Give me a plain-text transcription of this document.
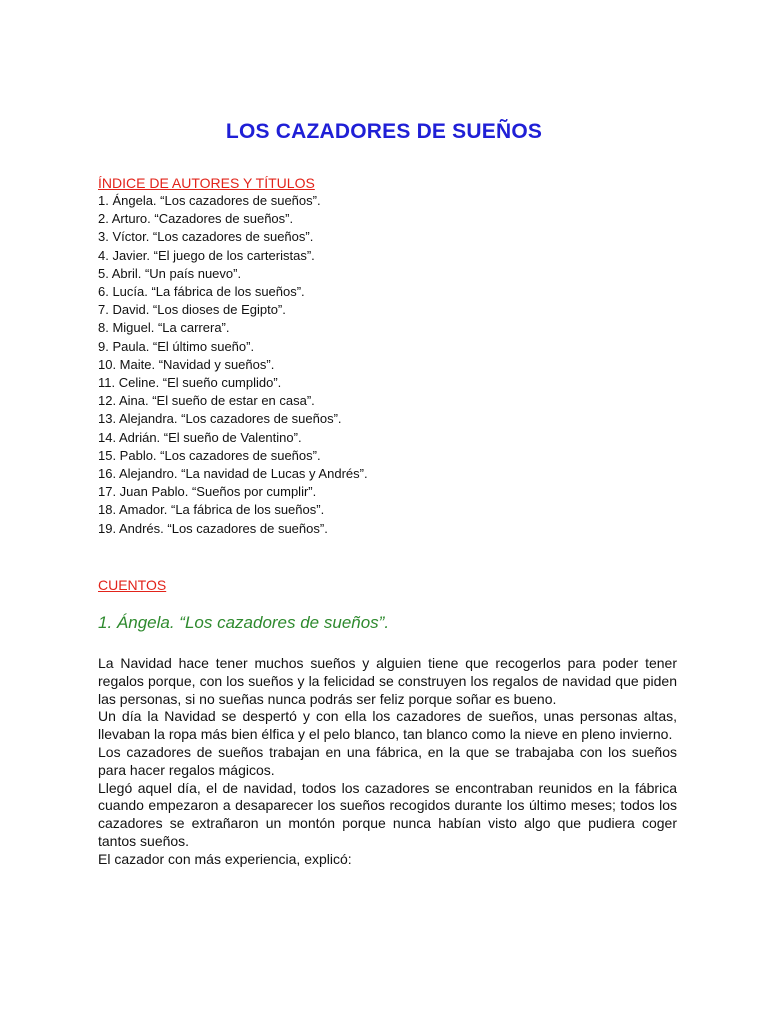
LOS CAZADORES DE SUEÑOS
ÍNDICE DE AUTORES Y TÍTULOS
1. Ángela. “Los cazadores de sueños”.
2. Arturo. “Cazadores de sueños”.
3. Víctor. “Los cazadores de sueños”.
4. Javier. “El juego de los carteristas”.
5. Abril. “Un país nuevo”.
6. Lucía. “La fábrica de los sueños”.
7. David. “Los dioses de Egipto”.
8. Miguel. “La carrera”.
9. Paula. “El último sueño”.
10. Maite. “Navidad y sueños”.
11. Celine. “El sueño cumplido”.
12. Aina. “El sueño de estar en casa”.
13. Alejandra. “Los cazadores de sueños”.
14. Adrián. “El sueño de Valentino”.
15. Pablo. “Los cazadores de sueños”.
16. Alejandro. “La navidad de Lucas y Andrés”.
17. Juan Pablo. “Sueños por cumplir”.
18. Amador. “La fábrica de los sueños”.
19. Andrés. “Los cazadores de sueños”.
CUENTOS
1. Ángela. “Los cazadores de sueños”.

La Navidad hace tener muchos sueños y alguien tiene que recogerlos para poder tener regalos porque, con los sueños y la felicidad se construyen los regalos de navidad que piden las personas, si no sueñas nunca podrás ser feliz porque soñar es bueno.

Un día la Navidad se despertó y con ella los cazadores de sueños, unas personas altas, llevaban la ropa más bien élfica y el pelo blanco, tan blanco como la nieve en pleno invierno.

Los cazadores de sueños trabajan en una fábrica, en la que se trabajaba con los sueños para hacer regalos mágicos.

Llegó aquel día, el de navidad, todos los cazadores se encontraban reunidos en la fábrica cuando empezaron a desaparecer los sueños recogidos durante los último meses; todos los cazadores se extrañaron un montón porque nunca habían visto algo que pudiera coger tantos sueños.

El cazador con más experiencia, explicó:
